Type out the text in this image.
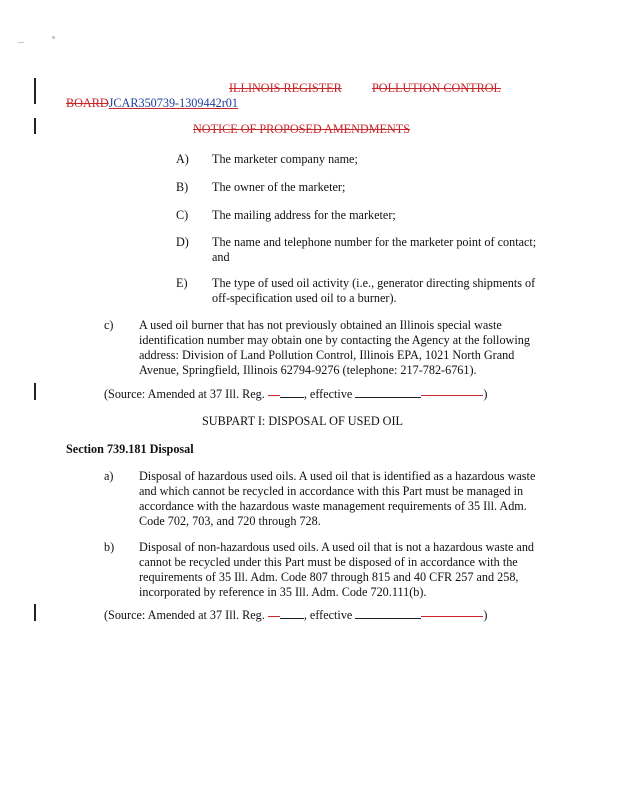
ILLINOIS REGISTER POLLUTION CONTROL
BOARDJCAR350739-1309442r01
NOTICE OF PROPOSED AMENDMENTS
A) The marketer company name;
B) The owner of the marketer;
C) The mailing address for the marketer;
D) The name and telephone number for the marketer point of contact;
and
E) The type of used oil activity (i.e., generator directing shipments of
off-specification used oil to a burner).
c) A used oil burner that has not previously obtained an Illinois special waste
identification number may obtain one by contacting the Agency at the following
address: Division of Land Pollution Control, Illinois EPA, 1021 North Grand
Avenue, Springfield, Illinois 62794-9276 (telephone: 217-782-6761).
(Source: Amended at 37 Ill. Reg.	, effective	)
SUBPART I: DISPOSAL OF USED OIL
Section 739.181 Disposal
a) Disposal of hazardous used oils. A used oil that is identified as a hazardous waste
and which cannot be recycled in accordance with this Part must be managed in
accordance with the hazardous waste management requirements of 35 Ill. Adm.
Code 702, 703, and 720 through 728.
b) Disposal of non-hazardous used oils. A used oil that is not a hazardous waste and
cannot be recycled under this Part must be disposed of in accordance with the
requirements of 35 Ill. Adm. Code 807 through 815 and 40 CFR 257 and 258,
incorporated by reference in 35 Ill. Adm. Code 720.111(b).
(Source: Amended at 37 Ill. Reg.	, effective	)
